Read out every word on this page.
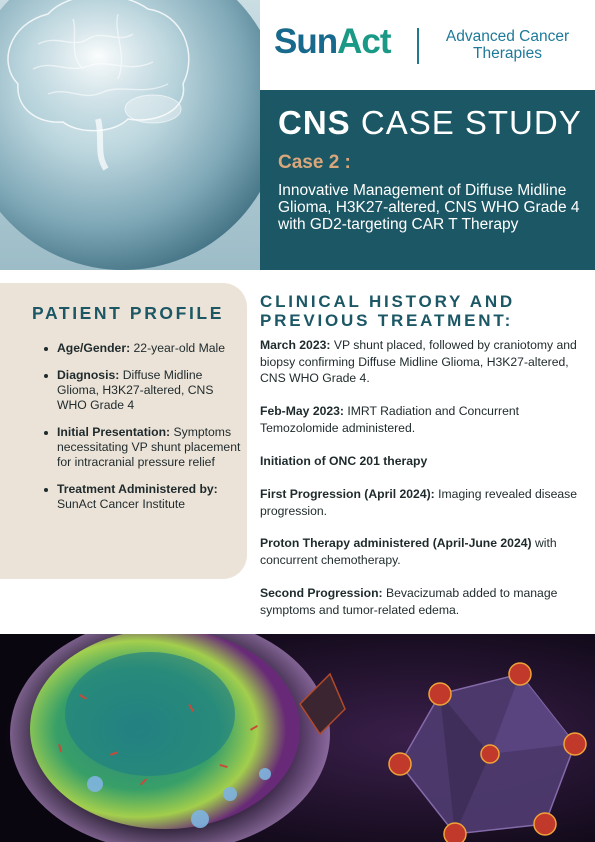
SunAct	Advanced Cancer
Therapies
CNS CASE STUDY
Case 2 :
Innovative Management of Diffuse Midline Glioma, H3K27-altered, CNS WHO Grade 4 with GD2-targeting CAR T Therapy
PATIENT PROFILE
Age/Gender: 22-year-old Male
Diagnosis: Diffuse Midline Glioma, H3K27-altered, CNS WHO Grade 4
Initial Presentation: Symptoms necessitating VP shunt placement for intracranial pressure relief
Treatment Administered by: SunAct Cancer Institute
CLINICAL HISTORY AND PREVIOUS TREATMENT:
March 2023: VP shunt placed, followed by craniotomy and biopsy confirming Diffuse Midline Glioma, H3K27-altered, CNS WHO Grade 4.
Feb-May 2023: IMRT Radiation and Concurrent Temozolomide administered.
Initiation of ONC 201 therapy
First Progression (April 2024): Imaging revealed disease progression.
Proton Therapy administered (April-June 2024) with concurrent chemotherapy.
Second Progression: Bevacizumab added to manage symptoms and tumor-related edema.
